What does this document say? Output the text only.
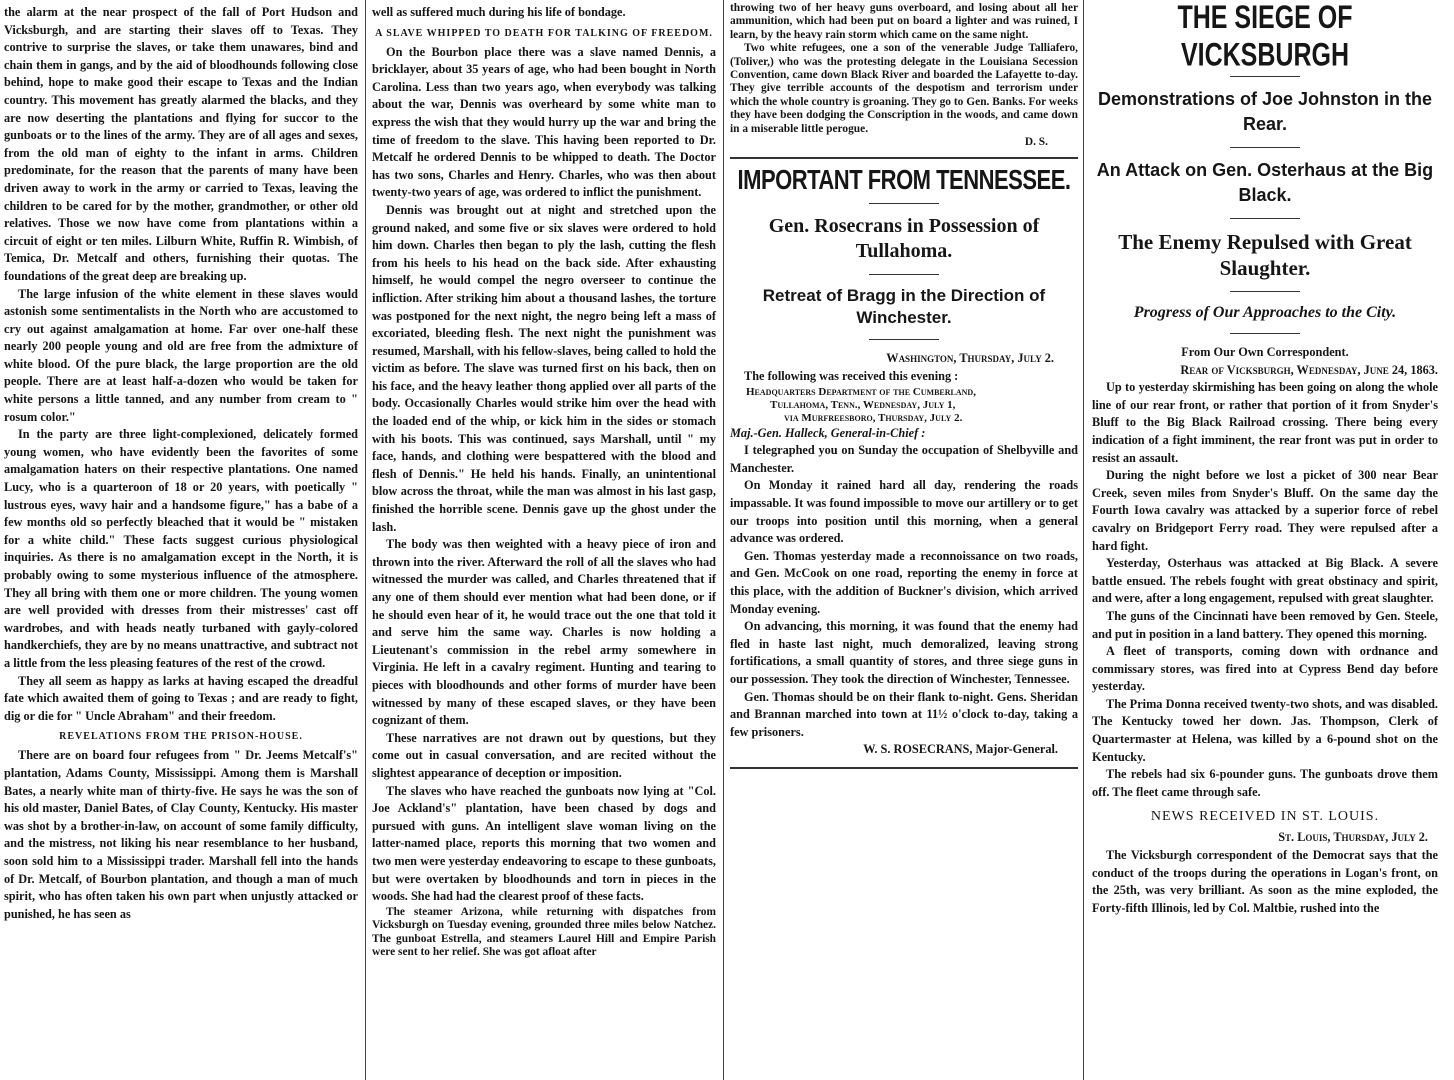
the alarm at the near prospect of the fall of Port Hudson and Vicksburgh, and are starting their slaves off to Texas. They contrive to surprise the slaves, or take them unawares, bind and chain them in gangs, and by the aid of bloodhounds following close behind, hope to make good their escape to Texas and the Indian country. This movement has greatly alarmed the blacks, and they are now deserting the plantations and flying for succor to the gunboats or to the lines of the army. They are of all ages and sexes, from the old man of eighty to the infant in arms. Children predominate, for the reason that the parents of many have been driven away to work in the army or carried to Texas, leaving the children to be cared for by the mother, grandmother, or other old relatives. Those we now have come from plantations within a circuit of eight or ten miles. Lilburn White, Ruffin R. Wimbish, of Temica, Dr. Metcalf and others, furnishing their quotas. The foundations of the great deep are breaking up.

The large infusion of the white element in these slaves would astonish some sentimentalists in the North who are accustomed to cry out against amalgamation at home. Far over one-half these nearly 200 people young and old are free from the admixture of white blood. Of the pure black, the large proportion are the old people. There are at least half-a-dozen who would be taken for white persons a little tanned, and any number from cream to " rosum color."

In the party are three light-complexioned, delicately formed young women, who have evidently been the favorites of some amalgamation haters on their respective plantations. One named Lucy, who is a quarteroon of 18 or 20 years, with poetically " lustrous eyes, wavy hair and a handsome figure," has a babe of a few months old so perfectly bleached that it would be " mistaken for a white child." These facts suggest curious physiological inquiries. As there is no amalgamation except in the North, it is probably owing to some mysterious influence of the atmosphere. They all bring with them one or more children. The young women are well provided with dresses from their mistresses' cast off wardrobes, and with heads neatly turbaned with gayly-colored handkerchiefs, they are by no means unattractive, and subtract not a little from the less pleasing features of the rest of the crowd.

They all seem as happy as larks at having escaped the dreadful fate which awaited them of going to Texas ; and are ready to fight, dig or die for " Uncle Abraham" and their freedom.

REVELATIONS FROM THE PRISON-HOUSE.

There are on board four refugees from " Dr. Jeems Metcalf's" plantation, Adams County, Mississippi. Among them is Marshall Bates, a nearly white man of thirty-five. He says he was the son of his old master, Daniel Bates, of Clay County, Kentucky. His master was shot by a brother-in-law, on account of some family difficulty, and the mistress, not liking his near resemblance to her husband, soon sold him to a Mississippi trader. Marshall fell into the hands of Dr. Metcalf, of Bourbon plantation, and though a man of much spirit, who has often taken his own part when unjustly attacked or punished, he has seen as

well as suffered much during his life of bondage.

A SLAVE WHIPPED TO DEATH FOR TALKING OF FREEDOM.

On the Bourbon place there was a slave named Dennis, a bricklayer, about 35 years of age, who had been bought in North Carolina. Less than two years ago, when everybody was talking about the war, Dennis was overheard by some white man to express the wish that they would hurry up the war and bring the time of freedom to the slave. This having been reported to Dr. Metcalf he ordered Dennis to be whipped to death. The Doctor has two sons, Charles and Henry. Charles, who was then about twenty-two years of age, was ordered to inflict the punishment.

Dennis was brought out at night and stretched upon the ground naked, and some five or six slaves were ordered to hold him down. Charles then began to ply the lash, cutting the flesh from his heels to his head on the back side. After exhausting himself, he would compel the negro overseer to continue the infliction. After striking him about a thousand lashes, the torture was postponed for the next night, the negro being left a mass of excoriated, bleeding flesh. The next night the punishment was resumed, Marshall, with his fellow-slaves, being called to hold the victim as before. The slave was turned first on his back, then on his face, and the heavy leather thong applied over all parts of the body. Occasionally Charles would strike him over the head with the loaded end of the whip, or kick him in the sides or stomach with his boots. This was continued, says Marshall, until " my face, hands, and clothing were bespattered with the blood and flesh of Dennis." He held his hands. Finally, an unintentional blow across the throat, while the man was almost in his last gasp, finished the horrible scene. Dennis gave up the ghost under the lash.

The body was then weighted with a heavy piece of iron and thrown into the river. Afterward the roll of all the slaves who had witnessed the murder was called, and Charles threatened that if any one of them should ever mention what had been done, or if he should even hear of it, he would trace out the one that told it and serve him the same way. Charles is now holding a Lieutenant's commission in the rebel army somewhere in Virginia. He left in a cavalry regiment. Hunting and tearing to pieces with bloodhounds and other forms of murder have been witnessed by many of these escaped slaves, or they have been cognizant of them.

These narratives are not drawn out by questions, but they come out in casual conversation, and are recited without the slightest appearance of deception or imposition.

The slaves who have reached the gunboats now lying at "Col. Joe Ackland's" plantation, have been chased by dogs and pursued with guns. An intelligent slave woman living on the latter-named place, reports this morning that two women and two men were yesterday endeavoring to escape to these gunboats, but were overtaken by bloodhounds and torn in pieces in the woods. She had had the clearest proof of these facts.

The steamer Arizona, while returning with dispatches from Vicksburgh on Tuesday evening, grounded three miles below Natchez. The gunboat Estrella, and steamers Laurel Hill and Empire Parish were sent to her relief. She was got afloat after

throwing two of her heavy guns overboard, and losing about all her ammunition, which had been put on board a lighter and was ruined, I learn, by the heavy rain storm which came on the same night.

Two white refugees, one a son of the venerable Judge Talliafero, (Toliver,) who was the protesting delegate in the Louisiana Secession Convention, came down Black River and boarded the Lafayette to-day. They give terrible accounts of the despotism and terrorism under which the whole country is groaning. They go to Gen. Banks. For weeks they have been dodging the Conscription in the woods, and came down in a miserable little perogue.

D. S.

IMPORTANT FROM TENNESSEE.
Gen. Rosecrans in Possession of Tullahoma.
Retreat of Bragg in the Direction of Winchester.

Washington, Thursday, July 2.

The following was received this evening :

Headquarters Department of the Cumberland,

Tullahoma, Tenn., Wednesday, July 1,

via Murfreesboro, Thursday, July 2.

Maj.-Gen. Halleck, General-in-Chief :

I telegraphed you on Sunday the occupation of Shelbyville and Manchester.

On Monday it rained hard all day, rendering the roads impassable. It was found impossible to move our artillery or to get our troops into position until this morning, when a general advance was ordered.

Gen. Thomas yesterday made a reconnoissance on two roads, and Gen. McCook on one road, reporting the enemy in force at this place, with the addition of Buckner's division, which arrived Monday evening.

On advancing, this morning, it was found that the enemy had fled in haste last night, much demoralized, leaving strong fortifications, a small quantity of stores, and three siege guns in our possession. They took the direction of Winchester, Tennessee.

Gen. Thomas should be on their flank to-night. Gens. Sheridan and Brannan marched into town at 11½ o'clock to-day, taking a few prisoners.

W. S. ROSECRANS, Major-General.

THE SIEGE OF VICKSBURGH
Demonstrations of Joe Johnston in the Rear.
An Attack on Gen. Osterhaus at the Big Black.
The Enemy Repulsed with Great Slaughter.
Progress of Our Approaches to the City.

From Our Own Correspondent.

Rear of Vicksburgh, Wednesday, June 24, 1863.

Up to yesterday skirmishing has been going on along the whole line of our rear front, or rather that portion of it from Snyder's Bluff to the Big Black Railroad crossing. There being every indication of a fight imminent, the rear front was put in order to resist an assault.

During the night before we lost a picket of 300 near Bear Creek, seven miles from Snyder's Bluff. On the same day the Fourth Iowa cavalry was attacked by a superior force of rebel cavalry on Bridgeport Ferry road. They were repulsed after a hard fight.

Yesterday, Osterhaus was attacked at Big Black. A severe battle ensued. The rebels fought with great obstinacy and spirit, and were, after a long engagement, repulsed with great slaughter.

The guns of the Cincinnati have been removed by Gen. Steele, and put in position in a land battery. They opened this morning.

A fleet of transports, coming down with ordnance and commissary stores, was fired into at Cypress Bend day before yesterday.

The Prima Donna received twenty-two shots, and was disabled. The Kentucky towed her down. Jas. Thompson, Clerk of Quartermaster at Helena, was killed by a 6-pound shot on the Kentucky.

The rebels had six 6-pounder guns. The gunboats drove them off. The fleet came through safe.

NEWS RECEIVED IN ST. LOUIS.

St. Louis, Thursday, July 2.

The Vicksburgh correspondent of the Democrat says that the conduct of the troops during the operations in Logan's front, on the 25th, was very brilliant. As soon as the mine exploded, the Forty-fifth Illinois, led by Col. Maltbie, rushed into the
